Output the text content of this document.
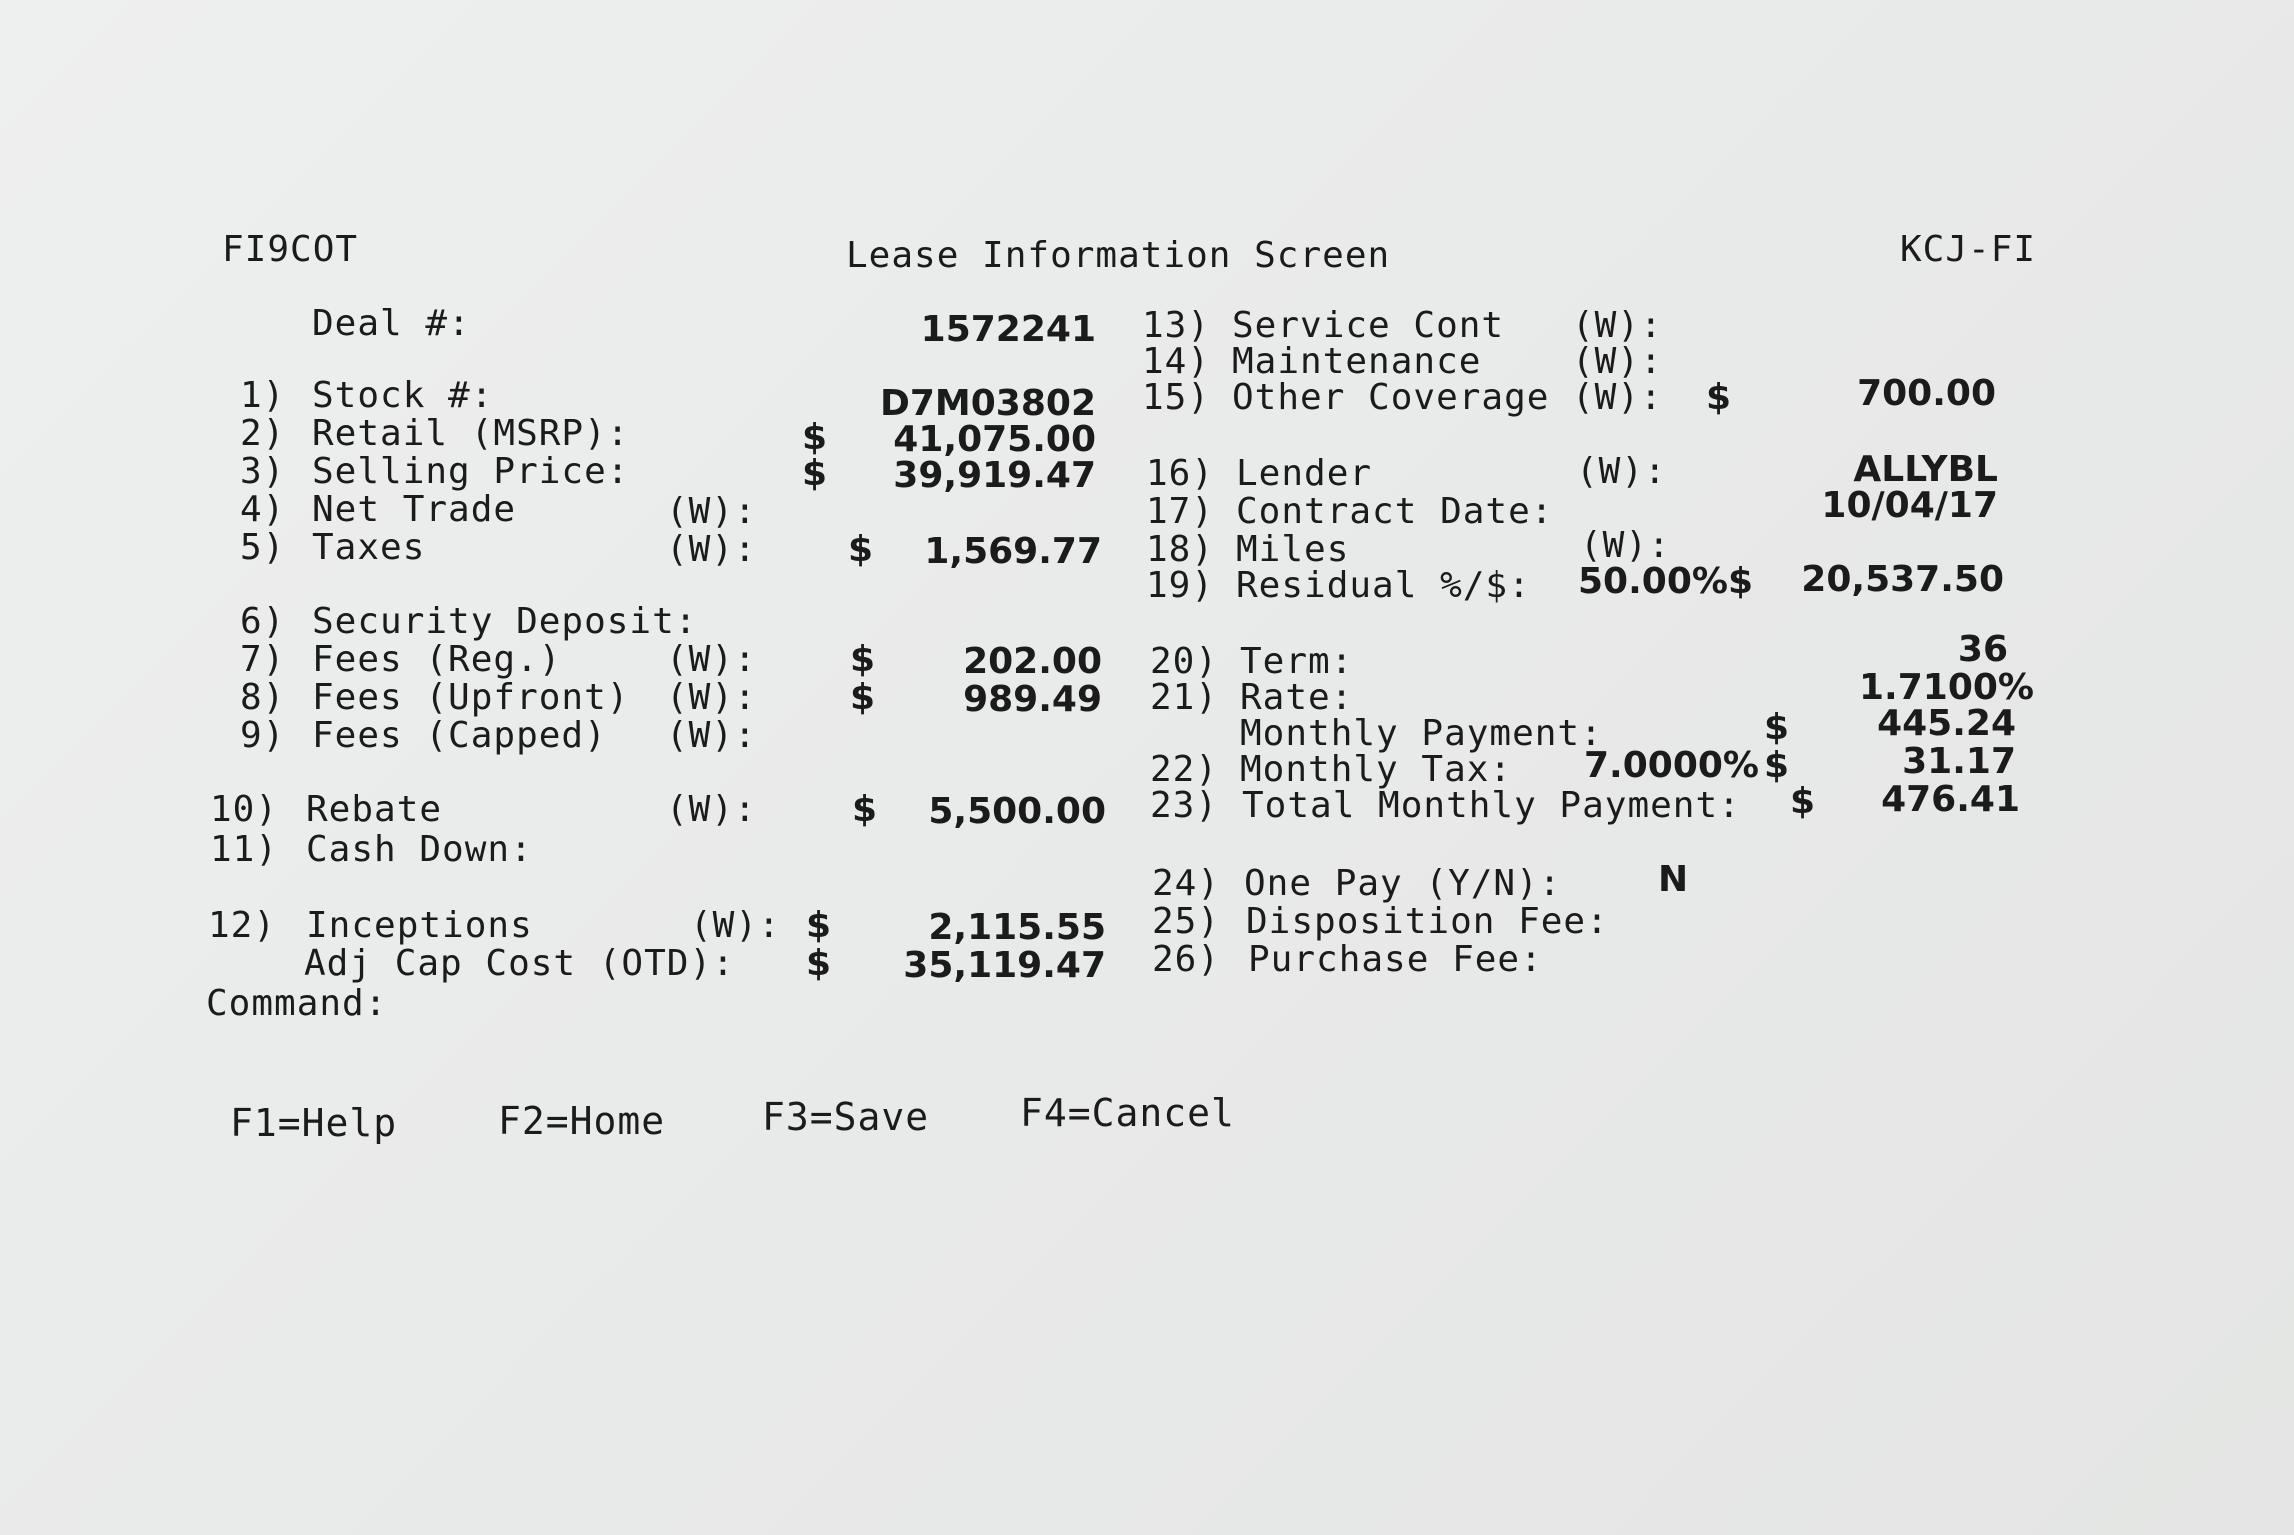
FI9COT	Lease Information Screen	KCJ-FI
Deal #:	1572241
1) Stock #:	D7M03802
2) Retail (MSRP):	$	41,075.00
3) Selling Price:	$	39,919.47
4) Net Trade	(W):
5) Taxes	(W):	$	1,569.77
6) Security Deposit:
7) Fees (Reg.)	(W):	$	202.00
8) Fees (Upfront) (W):	$	989.49
9) Fees (Capped) (W):
10) Rebate	(W):	$	5,500.00
11) Cash Down:
12) Inceptions	(W): $	2,115.55
Adj Cap Cost (OTD): $	35,119.47
Command:
13) Service Cont (W):
14) Maintenance	(W):
15) Other Coverage (W): $	700.00
16) Lender	(W):	ALLYBL
17) Contract Date:	10/04/17
18) Miles	(W):
19) Residual %/$: 50.00%$	20,537.50
20) Term:	36
21) Rate:	1.7100%
Monthly Payment:	$	445.24
22) Monthly Tax: 7.0000% $	31.17
23) Total Monthly Payment: $	476.41
24) One Pay (Y/N):	N
25) Disposition Fee:
26) Purchase Fee:
F1=Help	F2=Home	F3=Save F4=Cancel
